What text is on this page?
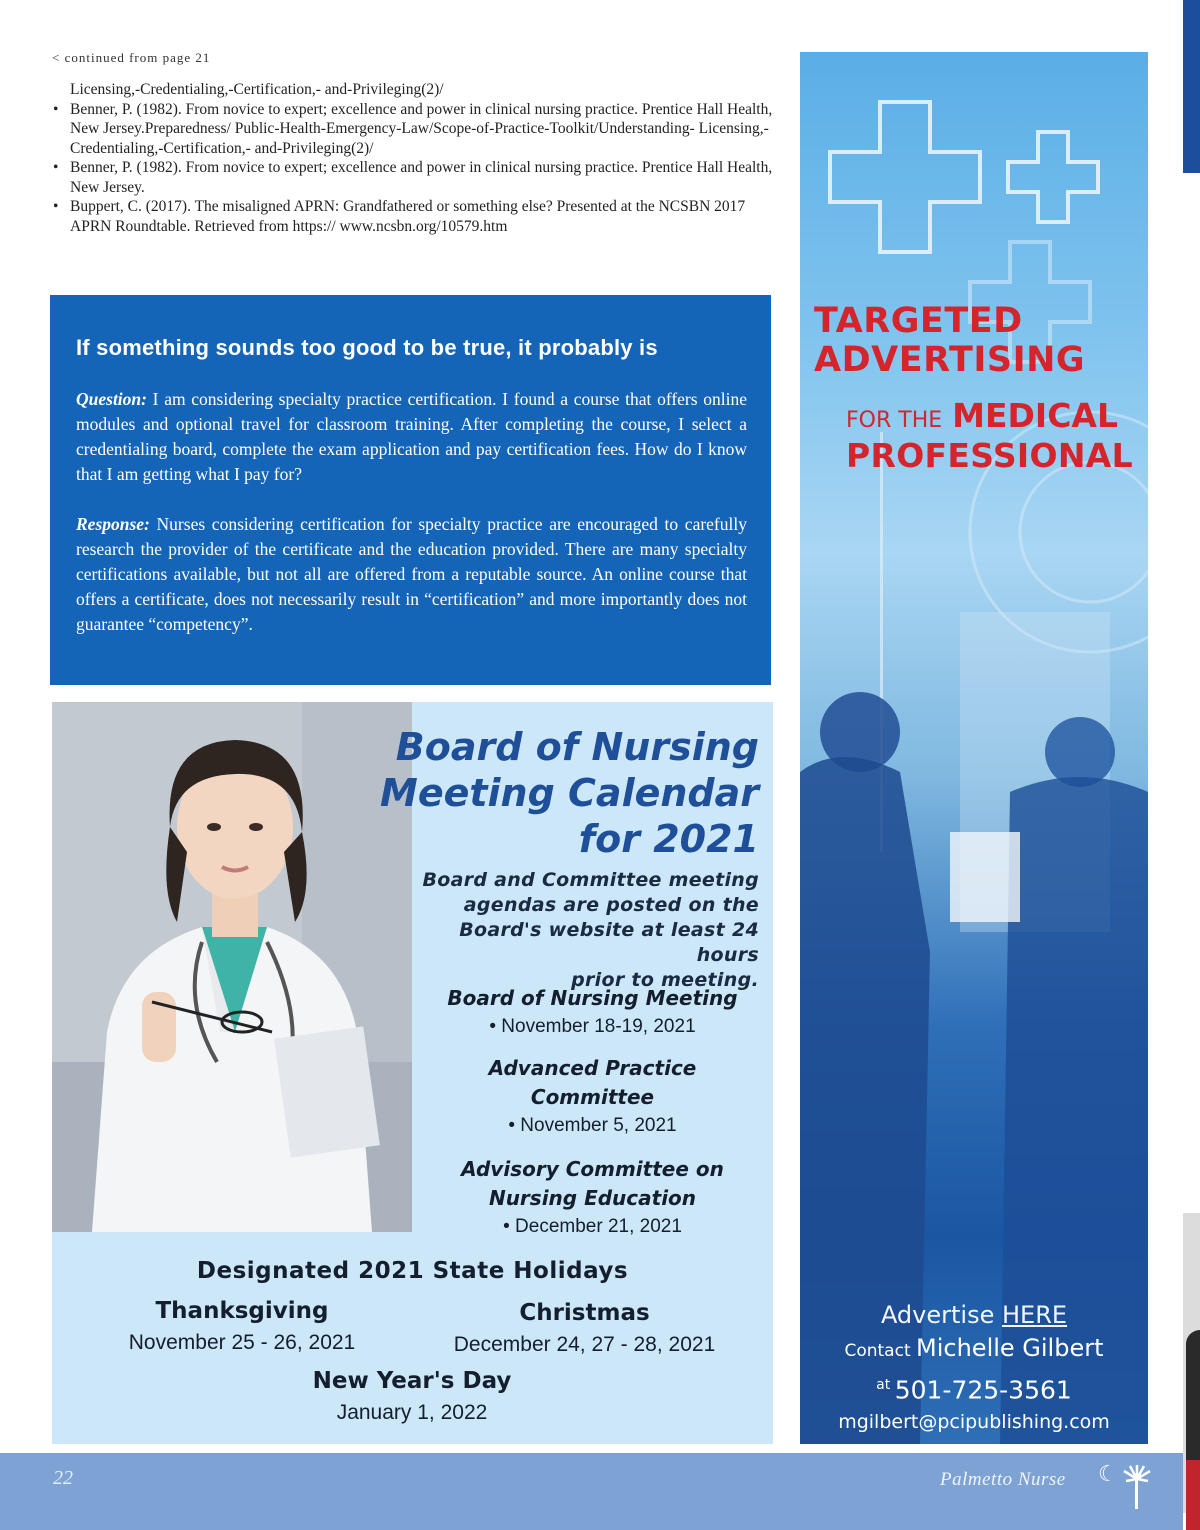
< continued from page 21
Licensing,-Credentialing,-Certification,- and-Privileging(2)/
• Benner, P. (1982). From novice to expert; excellence and power in clinical nursing practice. Prentice Hall Health, New Jersey.Preparedness/ Public-Health-Emergency-Law/Scope-of-Practice-Toolkit/Understanding- Licensing,-Credentialing,-Certification,- and-Privileging(2)/
• Benner, P. (1982). From novice to expert; excellence and power in clinical nursing practice. Prentice Hall Health, New Jersey.
• Buppert, C. (2017). The misaligned APRN: Grandfathered or something else? Presented at the NCSBN 2017 APRN Roundtable. Retrieved from https:// www.ncsbn.org/10579.htm
If something sounds too good to be true, it probably is

Question: I am considering specialty practice certification. I found a course that offers online modules and optional travel for classroom training. After completing the course, I select a credentialing board, complete the exam application and pay certification fees. How do I know that I am getting what I pay for?

Response: Nurses considering certification for specialty practice are encouraged to carefully research the provider of the certificate and the education provided. There are many specialty certifications available, but not all are offered from a reputable source. An online course that offers a certificate, does not necessarily result in “certification” and more importantly does not guarantee “competency”.

Board of Nursing
Meeting Calendar
for 2021
Board and Committee meeting
agendas are posted on the
Board's website at least 24 hours
prior to meeting.
Board of Nursing Meeting
• November 18-19, 2021
Advanced Practice
Committee
• November 5, 2021
Advisory Committee on
Nursing Education
• December 21, 2021
Designated 2021 State Holidays
Thanksgiving
November 25 - 26, 2021
Christmas
December 24, 27 - 28, 2021
New Year's Day
January 1, 2022
TARGETED
ADVERTISING
FOR THE MEDICAL
PROFESSIONAL
Advertise HERE
Contact Michelle Gilbert
$^{at}$ 501-725-3561
mgilbert@pcipublishing.com
22	Palmetto Nurse ☾
